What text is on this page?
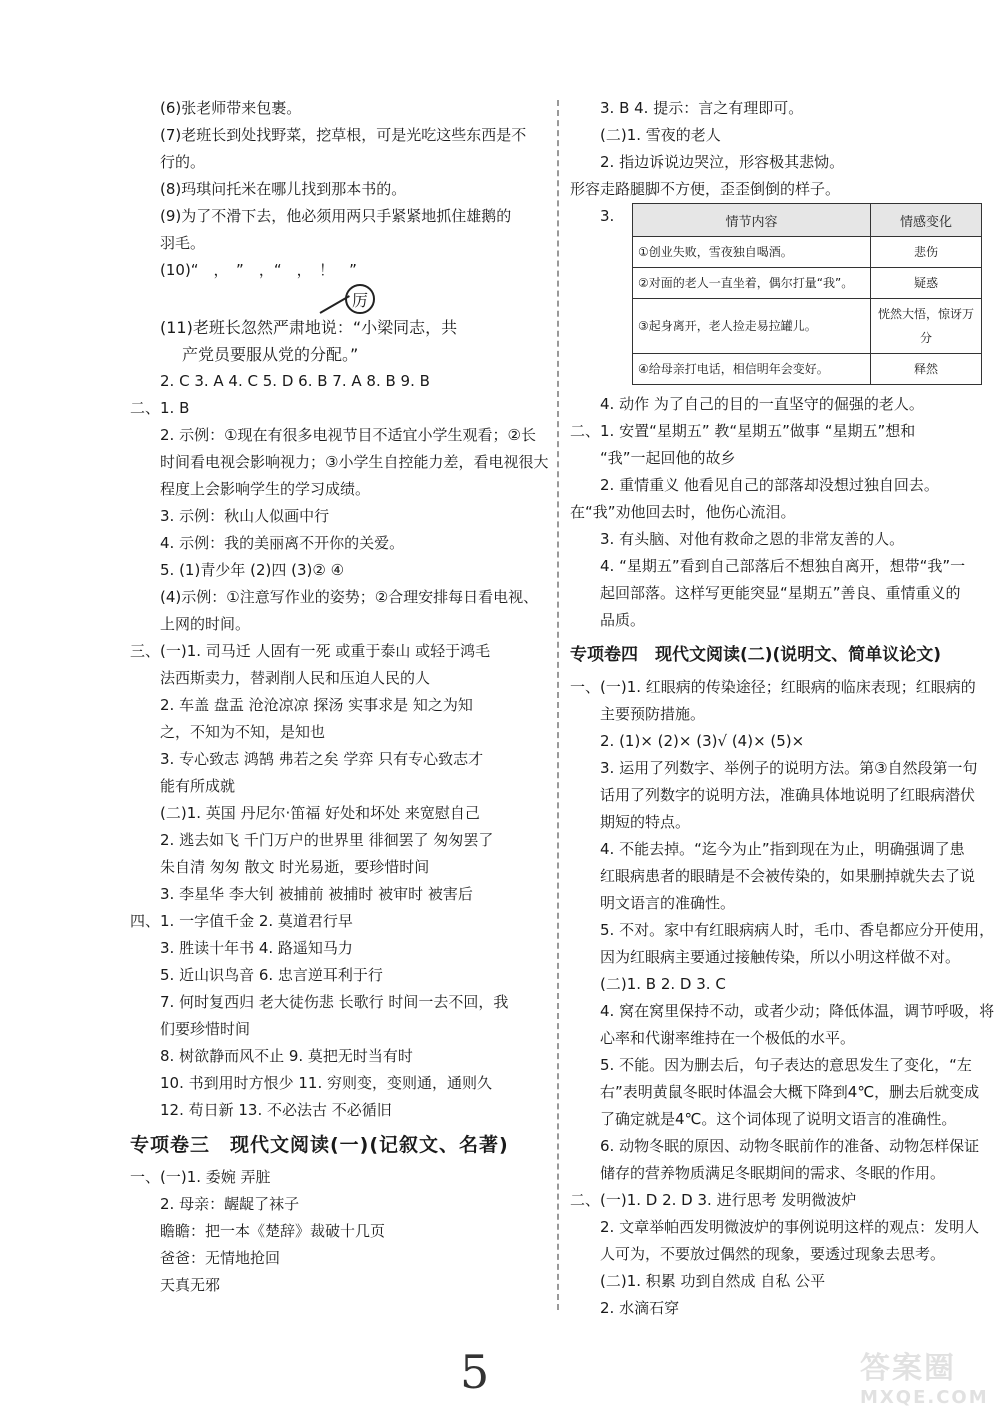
(6)张老师带来包裹。

(7)老班长到处找野菜，挖草根，可是光吃这些东西是不

行的。

(8)玛琪问托米在哪儿找到那本书的。

(9)为了不滑下去，他必须用两只手紧紧地抓住雄鹅的

羽毛。

(10)“　，　”　，“　，　！　”

厉

(11)老班长忽然严肃地说：“小梁同志，共

产党员要服从党的分配。”

2. C 3. A 4. C 5. D 6. B 7. A 8. B 9. B

二、1. B

2. 示例：①现在有很多电视节目不适宜小学生观看；②长

时间看电视会影响视力；③小学生自控能力差，看电视很大

程度上会影响学生的学习成绩。

3. 示例：秋山人似画中行

4. 示例：我的美丽离不开你的关爱。

5. (1)青少年 (2)四 (3)② ④

(4)示例：①注意写作业的姿势；②合理安排每日看电视、

上网的时间。

三、(一)1. 司马迁 人固有一死 或重于泰山 或轻于鸿毛

法西斯卖力，替剥削人民和压迫人民的人

2. 车盖 盘盂 沧沧凉凉 探汤 实事求是 知之为知

之，不知为不知，是知也

3. 专心致志 鸿鹄 弗若之矣 学弈 只有专心致志才

能有所成就

(二)1. 英国 丹尼尔·笛福 好处和坏处 来宽慰自己

2. 逃去如飞 千门万户的世界里 徘徊罢了 匆匆罢了

朱自清 匆匆 散文 时光易逝，要珍惜时间

3. 李星华 李大钊 被捕前 被捕时 被审时 被害后

四、1. 一字值千金 2. 莫道君行早

3. 胜读十年书 4. 路遥知马力

5. 近山识鸟音 6. 忠言逆耳利于行

7. 何时复西归 老大徒伤悲 长歌行 时间一去不回，我

们要珍惜时间

8. 树欲静而风不止 9. 莫把无时当有时

10. 书到用时方恨少 11. 穷则变，变则通，通则久

12. 苟日新 13. 不必法古 不必循旧

专项卷三　现代文阅读(一)(记叙文、名著)

一、(一)1. 委婉 弄脏

2. 母亲：龌龊了袜子

瞻瞻：把一本《楚辞》裁破十几页

爸爸：无情地抢回

天真无邪

3. B 4. 提示：言之有理即可。

(二)1. 雪夜的老人

2. 指边诉说边哭泣，形容极其悲恸。

形容走路腿脚不方便，歪歪倒倒的样子。

3.	情节内容	情感变化
①创业失败，雪夜独自喝酒。	悲伤
②对面的老人一直坐着，偶尔打量“我”。	疑惑
③起身离开，老人捡走易拉罐儿。	恍然大悟，惊讶万分
④给母亲打电话，相信明年会变好。	释然

4. 动作 为了自己的目的一直坚守的倔强的老人。

二、1. 安置“星期五” 教“星期五”做事 “星期五”想和

“我”一起回他的故乡

2. 重情重义 他看见自己的部落却没想过独自回去。

在“我”劝他回去时，他伤心流泪。

3. 有头脑、对他有救命之恩的非常友善的人。

4. “星期五”看到自己部落后不想独自离开，想带“我”一

起回部落。这样写更能突显“星期五”善良、重情重义的

品质。

专项卷四　现代文阅读(二)(说明文、简单议论文)

一、(一)1. 红眼病的传染途径；红眼病的临床表现；红眼病的

主要预防措施。

2. (1)× (2)× (3)√ (4)× (5)×

3. 运用了列数字、举例子的说明方法。第③自然段第一句

话用了列数字的说明方法，准确具体地说明了红眼病潜伏

期短的特点。

4. 不能去掉。“迄今为止”指到现在为止，明确强调了患

红眼病患者的眼睛是不会被传染的，如果删掉就失去了说

明文语言的准确性。

5. 不对。家中有红眼病病人时，毛巾、香皂都应分开使用，

因为红眼病主要通过接触传染，所以小明这样做不对。

(二)1. B 2. D 3. C

4. 窝在窝里保持不动，或者少动；降低体温，调节呼吸，将

心率和代谢率维持在一个极低的水平。

5. 不能。因为删去后，句子表达的意思发生了变化，“左

右”表明黄鼠冬眠时体温会大概下降到4℃，删去后就变成

了确定就是4℃。这个词体现了说明文语言的准确性。

6. 动物冬眠的原因、动物冬眠前作的准备、动物怎样保证

储存的营养物质满足冬眠期间的需求、冬眠的作用。

二、(一)1. D 2. D 3. 进行思考 发明微波炉

2. 文章举帕西发明微波炉的事例说明这样的观点：发明人

人可为，不要放过偶然的现象，要透过现象去思考。

(二)1. 积累 功到自然成 自私 公平

2. 水滴石穿

5	答案圈
MXQE.COM
